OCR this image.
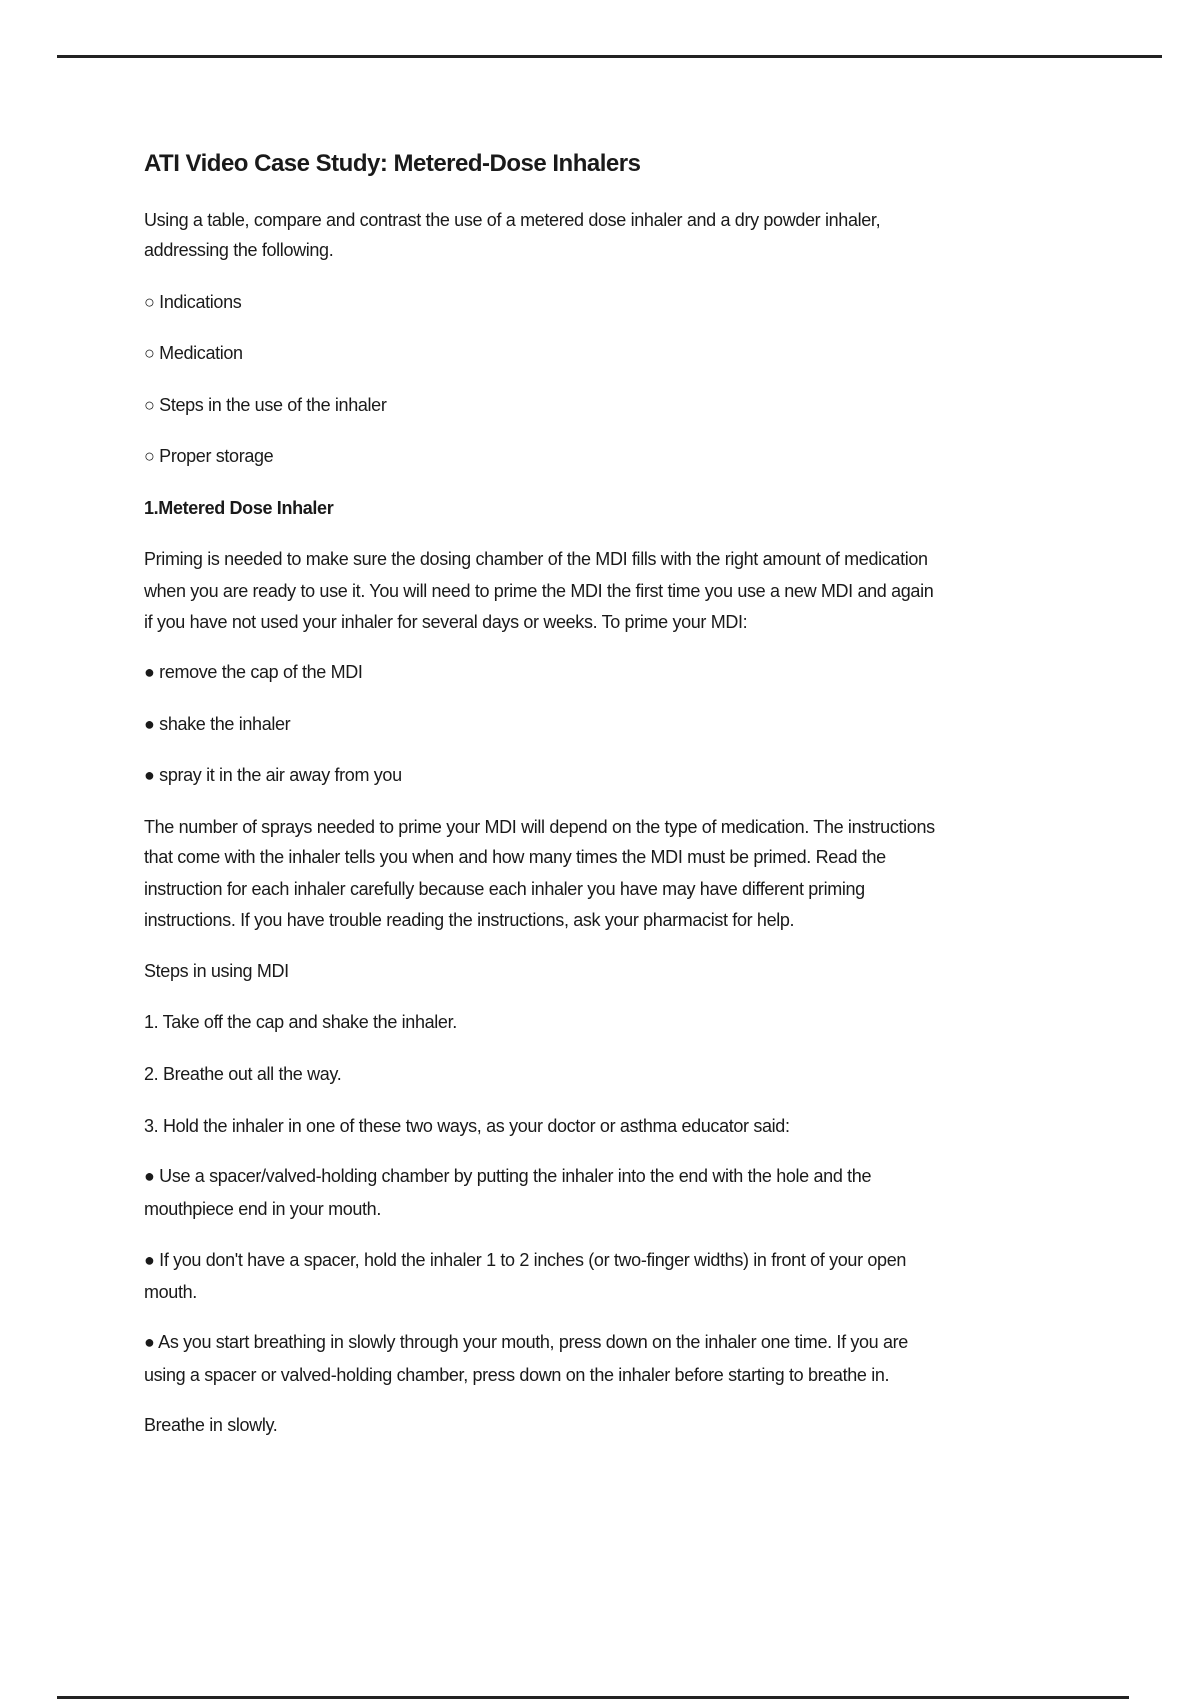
ATI Video Case Study: Metered-Dose Inhalers
Using a table, compare and contrast the use of a metered dose inhaler and a dry powder inhaler,
addressing the following.
○ Indications
○ Medication
○ Steps in the use of the inhaler
○ Proper storage
1.Metered Dose Inhaler
Priming is needed to make sure the dosing chamber of the MDI fills with the right amount of medication
when you are ready to use it. You will need to prime the MDI the first time you use a new MDI and again
if you have not used your inhaler for several days or weeks. To prime your MDI:
● remove the cap of the MDI
● shake the inhaler
● spray it in the air away from you
The number of sprays needed to prime your MDI will depend on the type of medication. The instructions
that come with the inhaler tells you when and how many times the MDI must be primed. Read the
instruction for each inhaler carefully because each inhaler you have may have different priming
instructions. If you have trouble reading the instructions, ask your pharmacist for help.
Steps in using MDI
1. Take off the cap and shake the inhaler.
2. Breathe out all the way.
3. Hold the inhaler in one of these two ways, as your doctor or asthma educator said:
● Use a spacer/valved-holding chamber by putting the inhaler into the end with the hole and the
mouthpiece end in your mouth.
● If you don't have a spacer, hold the inhaler 1 to 2 inches (or two-finger widths) in front of your open
mouth.
● As you start breathing in slowly through your mouth, press down on the inhaler one time. If you are
using a spacer or valved-holding chamber, press down on the inhaler before starting to breathe in.
Breathe in slowly.
